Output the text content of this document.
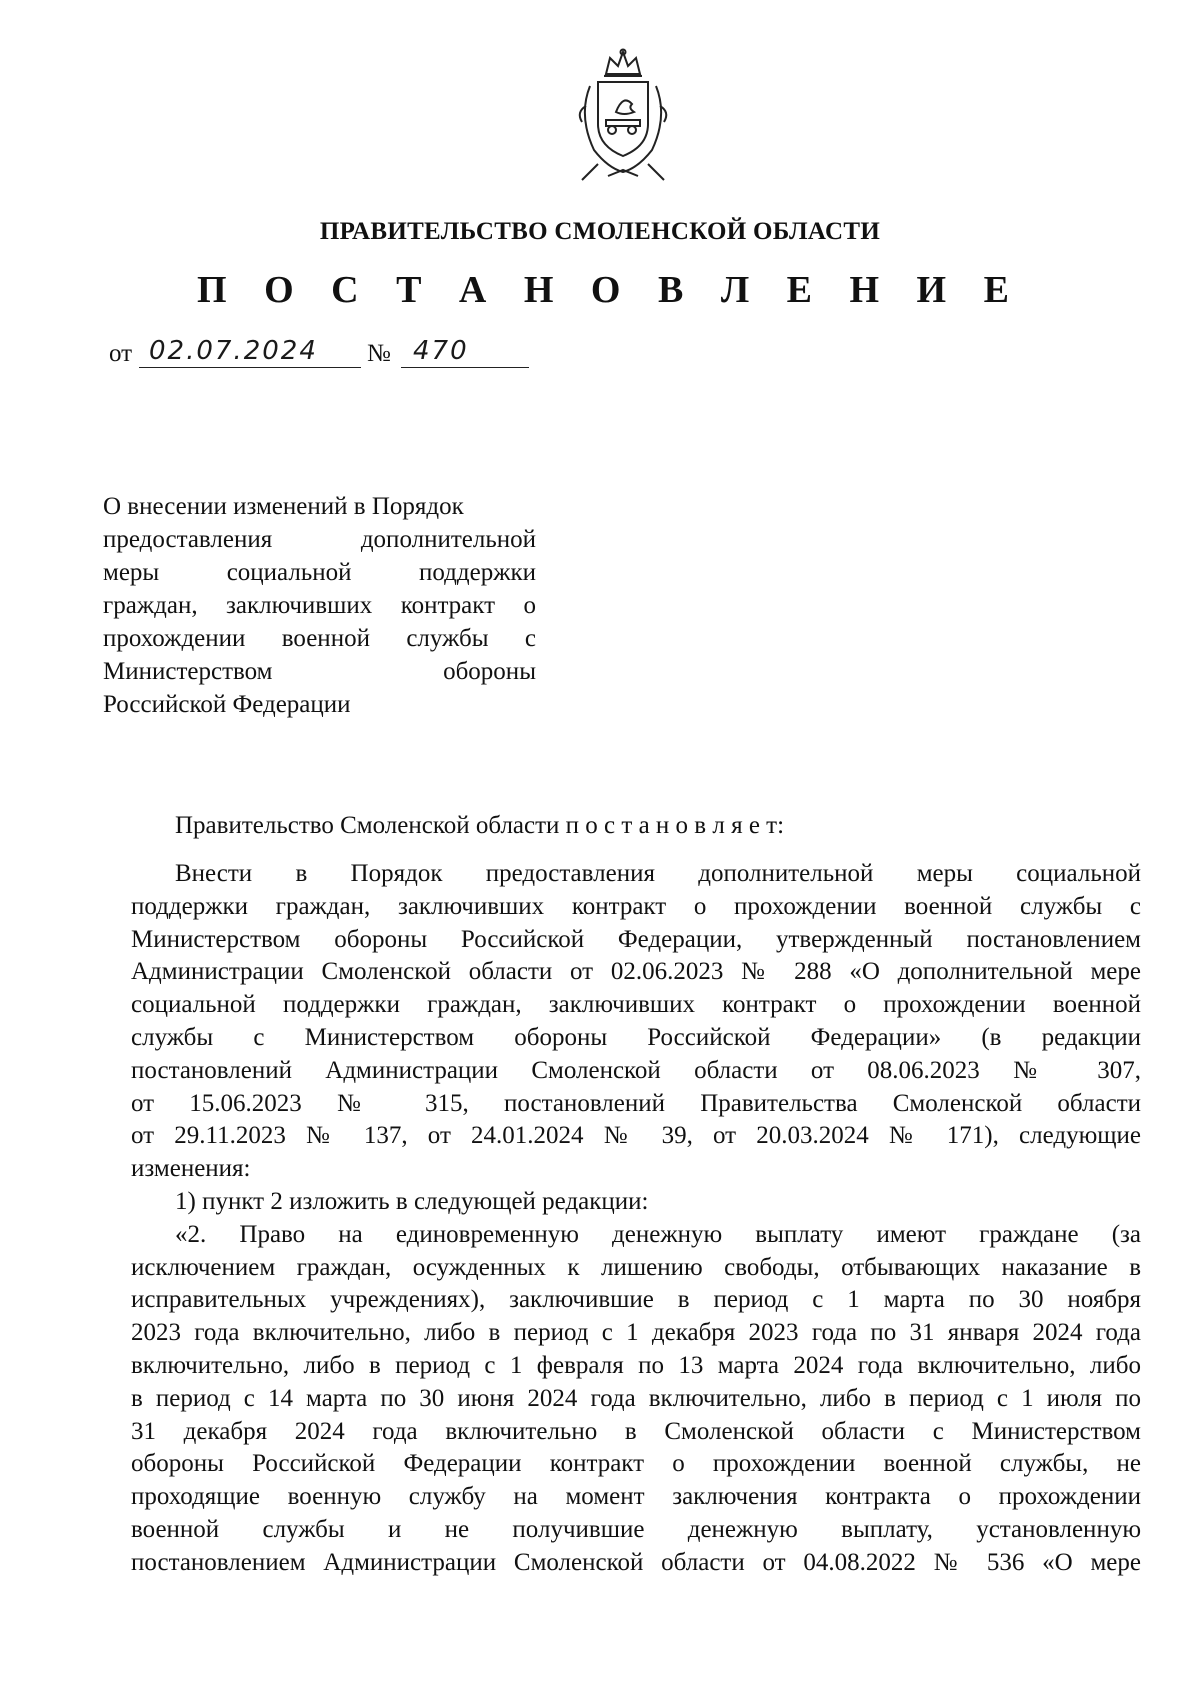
ПРАВИТЕЛЬСТВО СМОЛЕНСКОЙ ОБЛАСТИ
П О С Т А Н О В Л Е Н И Е
от 02.07.2024 № 470
О внесении изменений в Порядок
предоставления дополнительной
меры социальной поддержки
граждан, заключивших контракт о
прохождении военной службы с
Министерством обороны
Российской Федерации
Правительство Смоленской области п о с т а н о в л я е т:
Внести в Порядок предоставления дополнительной меры социальной
поддержки граждан, заключивших контракт о прохождении военной службы с
Министерством обороны Российской Федерации, утвержденный постановлением
Администрации Смоленской области от 02.06.2023 № 288 «О дополнительной мере
социальной поддержки граждан, заключивших контракт о прохождении военной
службы с Министерством обороны Российской Федерации» (в редакции
постановлений Администрации Смоленской области от 08.06.2023 № 307,
от 15.06.2023 № 315, постановлений Правительства Смоленской области
от 29.11.2023 № 137, от 24.01.2024 № 39, от 20.03.2024 № 171), следующие
изменения:
1) пункт 2 изложить в следующей редакции:
«2. Право на единовременную денежную выплату имеют граждане (за
исключением граждан, осужденных к лишению свободы, отбывающих наказание в
исправительных учреждениях), заключившие в период с 1 марта по 30 ноября
2023 года включительно, либо в период с 1 декабря 2023 года по 31 января 2024 года
включительно, либо в период с 1 февраля по 13 марта 2024 года включительно, либо
в период с 14 марта по 30 июня 2024 года включительно, либо в период с 1 июля по
31 декабря 2024 года включительно в Смоленской области с Министерством
обороны Российской Федерации контракт о прохождении военной службы, не
проходящие военную службу на момент заключения контракта о прохождении
военной службы и не получившие денежную выплату, установленную
постановлением Администрации Смоленской области от 04.08.2022 № 536 «О мере
